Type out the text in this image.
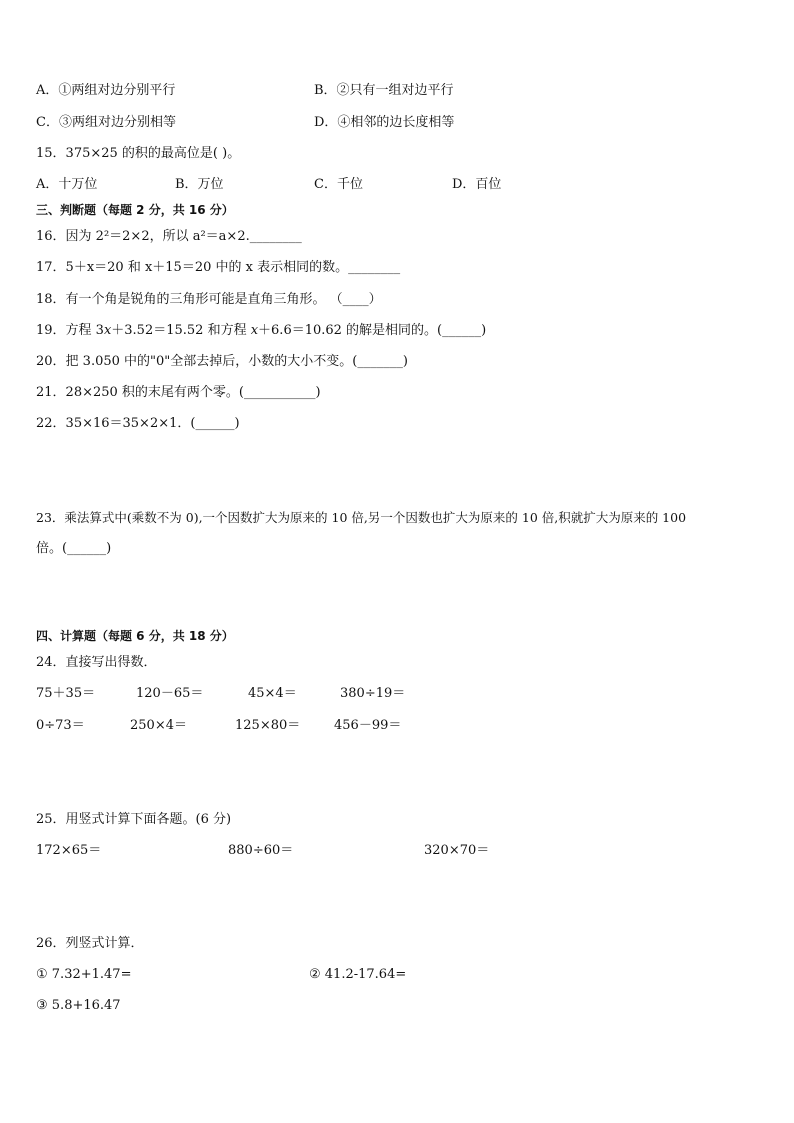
A．①两组对边分别平行	B．②只有一组对边平行
C．③两组对边分别相等	D．④相邻的边长度相等
15．375×25 的积的最高位是( )。
A．十万位	B．万位	C．千位	D．百位
三、判断题（每题 2 分，共 16 分）
16．因为 2²＝2×2，所以 a²＝a×2.________
17．5＋x＝20 和 x＋15＝20 中的 x 表示相同的数。________
18．有一个角是锐角的三角形可能是直角三角形。 （____）
19．方程 3𝑥＋3.52＝15.52 和方程 𝑥＋6.6＝10.62 的解是相同的。(______)
20．把 3.050 中的"0"全部去掉后，小数的大小不变。(_______)
21．28×250 积的末尾有两个零。(___________)
22．35×16＝35×2×1．(______)
23．乘法算式中(乘数不为 0),一个因数扩大为原来的 10 倍,另一个因数也扩大为原来的 10 倍,积就扩大为原来的 100
倍。(______)
四、计算题（每题 6 分，共 18 分）
24．直接写出得数．
75＋35＝	120－65＝	45×4＝	380÷19＝
0÷73＝	250×4＝	125×80＝	456－99＝
25．用竖式计算下面各题。(6 分)
172×65＝	880÷60＝	320×70＝
26．列竖式计算．
① 7.32+1.47=	② 41.2-17.64=
③ 5.8+16.47
